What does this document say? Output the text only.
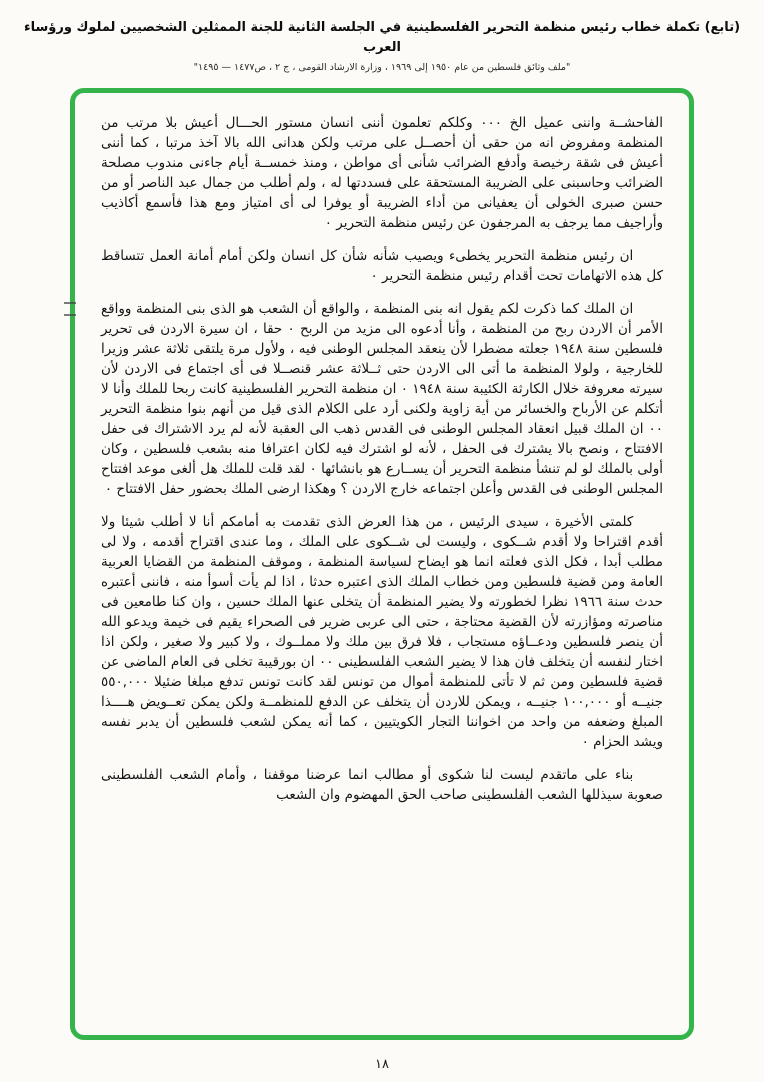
(تابع) تكملة خطاب رئيس منظمة التحرير الفلسطينية في الجلسة الثانية للجنة الممثلين الشخصيين لملوك ورؤساء العرب
"ملف وثائق فلسطين من عام ١٩٥٠ إلى ١٩٦٩ ، وزارة الارشاد القومى ، ج ٢ ، ص١٤٧٧ — ١٤٩٥"

الفاحشــة واننى عميل الخ ٠٠٠ وكلكم تعلمون أننى انسان مستور الحـــال أعيش بلا مرتب من المنظمة ومفروض انه من حقى أن أحصــل على مرتب ولكن هدانى الله بالا آخذ مرتبا ، كما أننى أعيش فى شقة رخيصة وأدفع الضرائب شأنى أى مواطن ، ومنذ خمســة أيام جاءنى مندوب مصلحة الضرائب وحاسبنى على الضريبة المستحقة على فسددتها له ، ولم أطلب من جمال عبد الناصر أو من حسن صبرى الخولى أن يعفيانى من أداء الضريبة أو يوفرا لى أى امتياز ومع هذا فأسمع أكاذيب وأراجيف مما يرجف به المرجفون عن رئيس منظمة التحرير ٠

ان رئيس منظمة التحرير يخطىء ويصيب شأنه شأن كل انسان ولكن أمام أمانة العمل تتساقط كل هذه الاتهامات تحت أقدام رئيس منظمة التحرير ٠

ان الملك كما ذكرت لكم يقول انه بنى المنظمة ، والواقع أن الشعب هو الذى بنى المنظمة وواقع الأمر أن الاردن ربح من المنظمة ، وأنا أدعوه الى مزيد من الربح ٠ حقا ، ان سيرة الاردن فى تحرير فلسطين سنة ١٩٤٨ جعلته مضطرا لأن ينعقد المجلس الوطنى فيه ، ولأول مرة يلتقى ثلاثة عشر وزيرا للخارجية ، ولولا المنظمة ما أتى الى الاردن حتى ثــلاثة عشر قنصــلا فى أى اجتماع فى الاردن لأن سيرته معروفة خلال الكارثة الكئيبة سنة ١٩٤٨ ٠ ان منظمة التحرير الفلسطينية كانت ربحا للملك وأنا لا أتكلم عن الأرباح والخسائر من أية زاوية ولكنى أرد على الكلام الذى قيل من أنهم بنوا منظمة التحرير ٠٠ ان الملك قبيل انعقاد المجلس الوطنى فى القدس ذهب الى العقبة لأنه لم يرد الاشتراك فى حفل الافتتاح ، ونصح بالا يشترك فى الحفل ، لأنه لو اشترك فيه لكان اعترافا منه بشعب فلسطين ، وكان أولى بالملك لو لم تنشأ منظمة التحرير أن يســارع هو بانشائها ٠ لقد قلت للملك هل ألغى موعد افتتاح المجلس الوطنى فى القدس وأعلن اجتماعه خارج الاردن ؟ وهكذا ارضى الملك بحضور حفل الافتتاح ٠

كلمتى الأخيرة ، سيدى الرئيس ، من هذا العرض الذى تقدمت به أمامكم أنا لا أطلب شيئا ولا أقدم اقتراحا ولا أقدم شــكوى ، وليست لى شــكوى على الملك ، وما عندى اقتراح أقدمه ، ولا لى مطلب أبدا ، فكل الذى فعلته انما هو ايضاح لسياسة المنظمة ، وموقف المنظمة من القضايا العربية العامة ومن قضية فلسطين ومن خطاب الملك الذى اعتبره حدثا ، اذا لم يأت أسوأ منه ، فاننى أعتبره حدث سنة ١٩٦٦ نظرا لخطورته ولا يضير المنظمة أن يتخلى عنها الملك حسين ، وان كنا طامعين فى مناصرته ومؤازرته لأن القضية محتاجة ، حتى الى عربى ضرير فى الصحراء يقيم فى خيمة ويدعو الله أن ينصر فلسطين ودعــاؤه مستجاب ، فلا فرق بين ملك ولا مملــوك ، ولا كبير ولا صغير ، ولكن اذا اختار لنفسه أن يتخلف فان هذا لا يضير الشعب الفلسطينى ٠٠ ان بورقيبة تخلى فى العام الماضى عن قضية فلسطين ومن ثم لا تأتى للمنظمة أموال من تونس لقد كانت تونس تدفع مبلغا ضئيلا ٥٥٠,٠٠٠ جنيــه أو ١٠٠,٠٠٠ جنيــه ، ويمكن للاردن أن يتخلف عن الدفع للمنظمــة ولكن يمكن تعــويض هــــذا المبلغ وضعفه من واحد من اخواننا التجار الكويتيين ، كما أنه يمكن لشعب فلسطين أن يدبر نفسه ويشد الحزام ٠

بناء على ماتقدم ليست لنا شكوى أو مطالب انما عرضنا موقفنا ، وأمام الشعب الفلسطينى صعوبة سيذللها الشعب الفلسطينى صاحب الحق المهضوم وان الشعب

١٨
